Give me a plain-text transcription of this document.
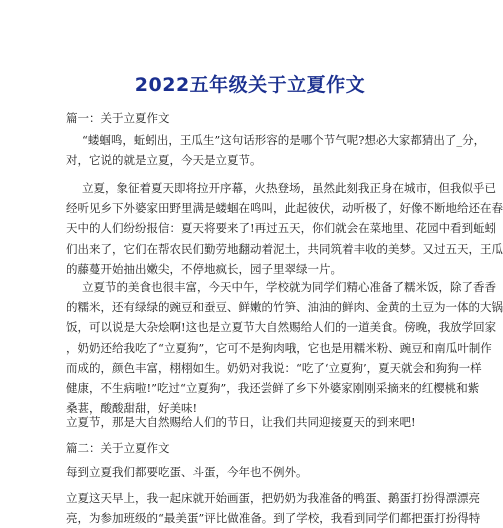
2022五年级关于立夏作文
篇一：关于立夏作文
“蝼蝈鸣，蚯蚓出，王瓜生”这句话形容的是哪个节气呢?想必大家都猜出了_分，
对，它说的就是立夏，今天是立夏节。
立夏，象征着夏天即将拉开序幕，火热登场，虽然此刻我正身在城市，但我似乎已
经听见乡下外婆家田野里满是蝼蝈在鸣叫，此起彼伏，动听极了，好像不断地给还在春
天中的人们纷纷报信：夏天将要来了!再过五天，你们就会在菜地里、花园中看到蚯蚓
们出来了，它们在帮农民们勤劳地翻动着泥土，共同筑着丰收的美梦。又过五天，王瓜
的藤蔓开始抽出嫩尖，不停地疯长，园子里翠绿一片。
立夏节的美食也很丰富，今天中午，学校就为同学们精心准备了糯米饭，除了香香
的糯米，还有绿绿的豌豆和蚕豆、鲜嫩的竹笋、油油的鲜肉、金黄的土豆为一体的大锅
饭，可以说是大杂烩啊!这也是立夏节大自然赐给人们的一道美食。傍晚，我放学回家
，奶奶还给我吃了“立夏狗”，它可不是狗肉哦，它也是用糯米粉、豌豆和南瓜叶制作
而成的，颜色丰富，栩栩如生。奶奶对我说：“吃了‘立夏狗’，夏天就会和狗狗一样
健康，不生病啦!”吃过“立夏狗”，我还尝鲜了乡下外婆家刚刚采摘来的红樱桃和紫
桑葚，酸酸甜甜，好美味!
立夏节，那是大自然赐给人们的节日，让我们共同迎接夏天的到来吧!
篇二：关于立夏作文
每到立夏我们都要吃蛋、斗蛋，今年也不例外。
立夏这天早上，我一起床就开始画蛋，把奶奶为我准备的鸭蛋、鹅蛋打扮得漂漂亮
亮，为参加班级的“最美蛋”评比做准备。到了学校，我看到同学们都把蛋打扮得特
